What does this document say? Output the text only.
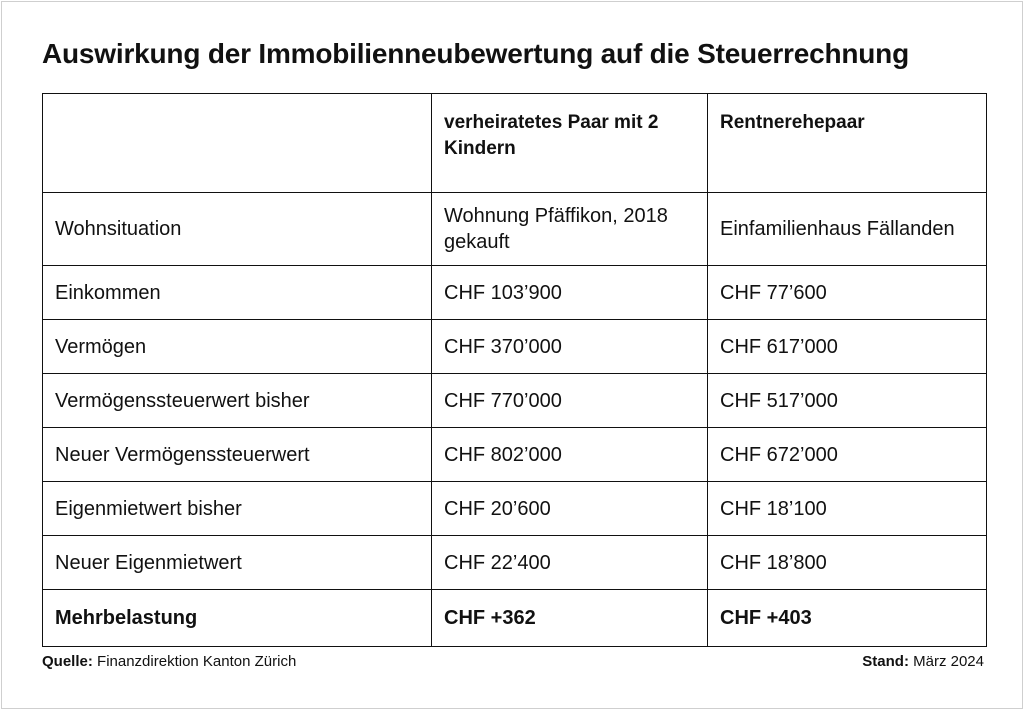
Auswirkung der Immobilienneubewertung auf die Steuerrechnung
	verheiratetes Paar mit 2 Kindern	Rentnerehepaar
Wohnsituation	Wohnung Pfäffikon, 2018 gekauft	Einfamilienhaus Fällanden
Einkommen	CHF 103’900	CHF 77’600
Vermögen	CHF 370’000	CHF 617’000
Vermögenssteuerwert bisher	CHF 770’000	CHF 517’000
Neuer Vermögenssteuerwert	CHF 802’000	CHF 672’000
Eigenmietwert bisher	CHF 20’600	CHF 18’100
Neuer Eigenmietwert	CHF 22’400	CHF 18’800
Mehrbelastung	CHF +362	CHF +403
Quelle: Finanzdirektion Kanton Zürich	Stand: März 2024
